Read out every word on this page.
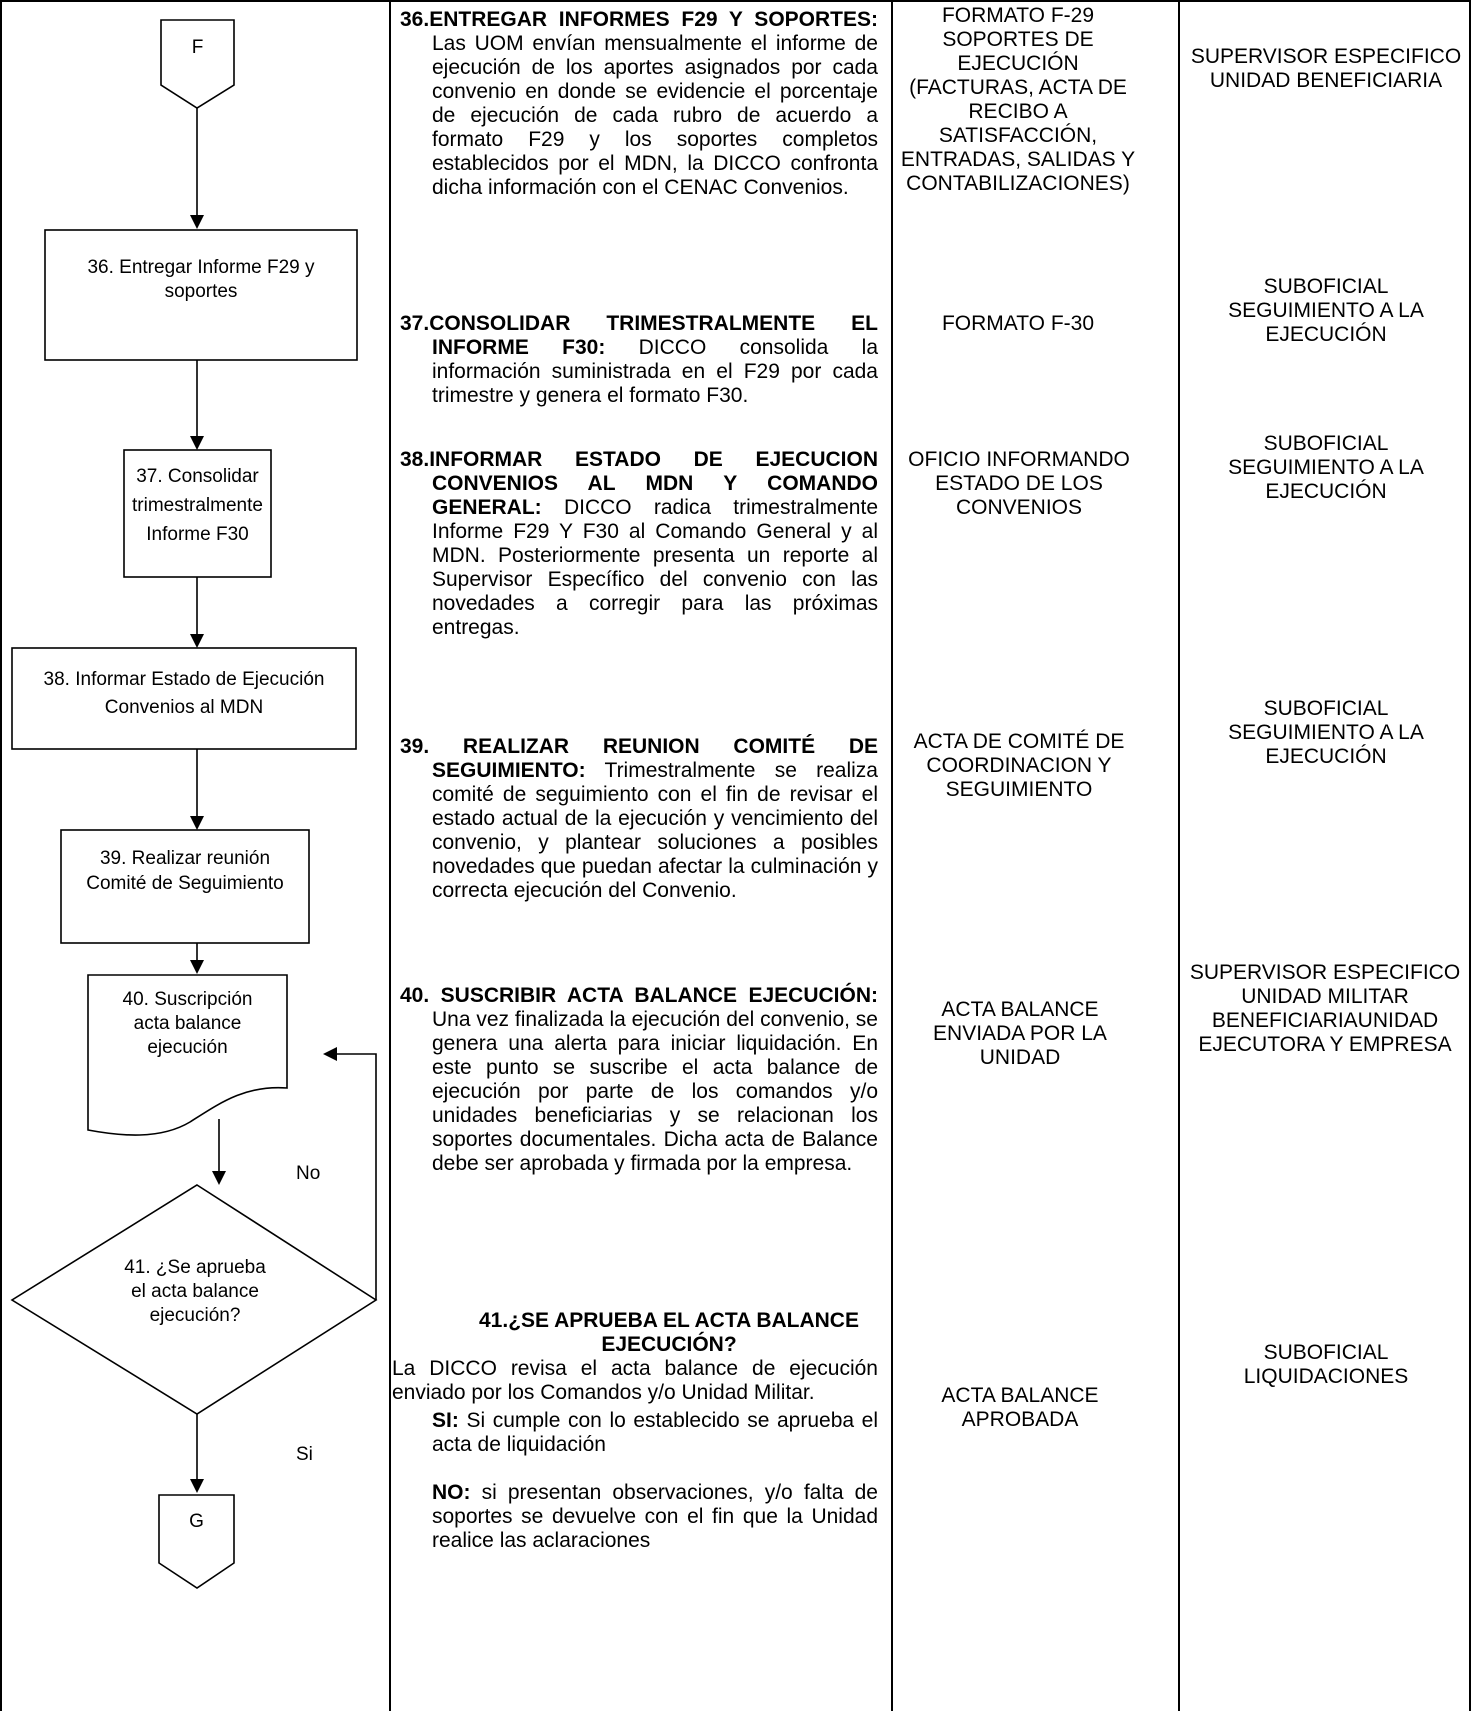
F
36. Entregar Informe F29 y soportes
37. Consolidar trimestralmente Informe F30
38. Informar Estado de Ejecución Convenios al MDN
39. Realizar reunión Comité de Seguimiento
40. Suscripción acta balance ejecución
41. ¿Se aprueba el acta balance ejecución?
No
Si
G

36.ENTREGAR INFORMES F29 Y SOPORTES: Las UOM envían mensualmente el informe de ejecución de los aportes asignados por cada convenio en donde se evidencie el porcentaje de ejecución de cada rubro de acuerdo a formato F29 y los soportes completos establecidos por el MDN, la DICCO confronta dicha información con el CENAC Convenios.

37.CONSOLIDAR TRIMESTRALMENTE EL INFORME F30: DICCO consolida la información suministrada en el F29 por cada trimestre y genera el formato F30.

38.INFORMAR ESTADO DE EJECUCION CONVENIOS AL MDN Y COMANDO GENERAL: DICCO radica trimestralmente Informe F29 Y F30 al Comando General y al MDN. Posteriormente presenta un reporte al Supervisor Específico del convenio con las novedades a corregir para las próximas entregas.

39. REALIZAR REUNION COMITÉ DE SEGUIMIENTO: Trimestralmente se realiza comité de seguimiento con el fin de revisar el estado actual de la ejecución y vencimiento del convenio, y plantear soluciones a posibles novedades que puedan afectar la culminación y correcta ejecución del Convenio.

40. SUSCRIBIR ACTA BALANCE EJECUCIÓN: Una vez finalizada la ejecución del convenio, se genera una alerta para iniciar liquidación. En este punto se suscribe el acta balance de ejecución por parte de los comandos y/o unidades beneficiarias y se relacionan los soportes documentales. Dicha acta de Balance debe ser aprobada y firmada por la empresa.

41.¿SE APRUEBA EL ACTA BALANCE EJECUCIÓN?

La DICCO revisa el acta balance de ejecución enviado por los Comandos y/o Unidad Militar.

SI: Si cumple con lo establecido se aprueba el acta de liquidación

NO: si presentan observaciones, y/o falta de soportes se devuelve con el fin que la Unidad realice las aclaraciones

FORMATO F-29 SOPORTES DE EJECUCIÓN (FACTURAS, ACTA DE RECIBO A SATISFACCIÓN, ENTRADAS, SALIDAS Y CONTABILIZACIONES)
FORMATO F-30
OFICIO INFORMANDO ESTADO DE LOS CONVENIOS
ACTA DE COMITÉ DE COORDINACION Y SEGUIMIENTO
ACTA BALANCE ENVIADA POR LA UNIDAD
ACTA BALANCE APROBADA
SUPERVISOR ESPECIFICO UNIDAD BENEFICIARIA
SUBOFICIAL SEGUIMIENTO A LA EJECUCIÓN
SUBOFICIAL SEGUIMIENTO A LA EJECUCIÓN
SUBOFICIAL SEGUIMIENTO A LA EJECUCIÓN
SUPERVISOR ESPECIFICO UNIDAD MILITAR BENEFICIARIAUNIDAD EJECUTORA Y EMPRESA
SUBOFICIAL LIQUIDACIONES
